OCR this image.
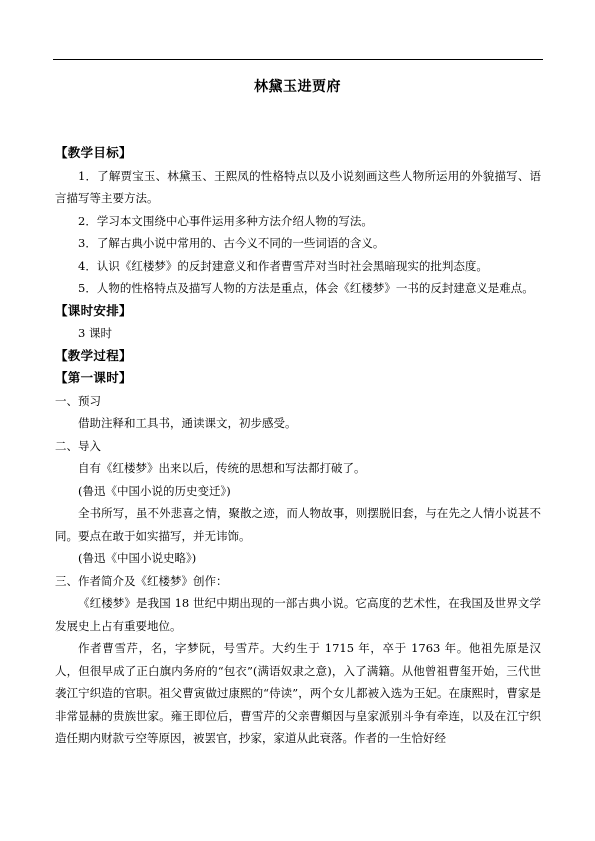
林黛玉进贾府

【教学目标】

1．了解贾宝玉、林黛玉、王熙凤的性格特点以及小说刻画这些人物所运用的外貌描写、语言描写等主要方法。

2．学习本文围绕中心事件运用多种方法介绍人物的写法。

3．了解古典小说中常用的、古今义不同的一些词语的含义。

4．认识《红楼梦》的反封建意义和作者曹雪芹对当时社会黑暗现实的批判态度。

5．人物的性格特点及描写人物的方法是重点，体会《红楼梦》一书的反封建意义是难点。

【课时安排】

3 课时

【教学过程】

【第一课时】

一、预习

借助注释和工具书，通读课文，初步感受。

二、导入

自有《红楼梦》出来以后，传统的思想和写法都打破了。

(鲁迅《中国小说的历史变迁》)

全书所写，虽不外悲喜之情，聚散之迹，而人物故事，则摆脱旧套，与在先之人情小说甚不同。要点在敢于如实描写，并无讳饰。

(鲁迅《中国小说史略》)

三、作者简介及《红楼梦》创作：

《红楼梦》是我国 18 世纪中期出现的一部古典小说。它高度的艺术性，在我国及世界文学发展史上占有重要地位。

作者曹雪芹，名，字梦阮，号雪芹。大约生于 1715 年，卒于 1763 年。他祖先原是汉人，但很早成了正白旗内务府的“包衣”(满语奴隶之意)，入了满籍。从他曾祖曹玺开始，三代世袭江宁织造的官职。祖父曹寅做过康熙的“侍读”，两个女儿都被入选为王妃。在康熙时，曹家是非常显赫的贵族世家。雍王即位后，曹雪芹的父亲曹頫因与皇家派别斗争有牵连，以及在江宁织造任期内财款亏空等原因，被罢官，抄家，家道从此衰落。作者的一生恰好经
